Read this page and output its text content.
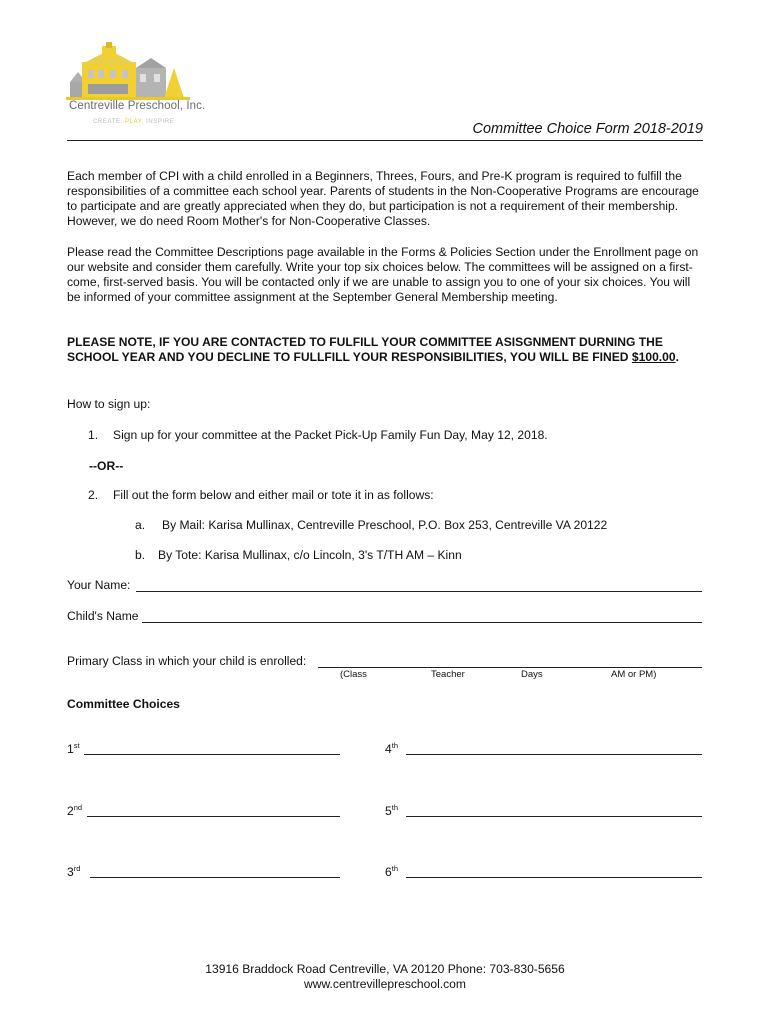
Centreville Preschool, Inc.
CREATE. PLAY. INSPIRE	Committee Choice Form 2018-2019

Each member of CPI with a child enrolled in a Beginners, Threes, Fours, and Pre-K program is required to fulfill the responsibilities of a committee each school year. Parents of students in the Non-Cooperative Programs are encourage to participate and are greatly appreciated when they do, but participation is not a requirement of their membership. However, we do need Room Mother's for Non-Cooperative Classes.

Please read the Committee Descriptions page available in the Forms & Policies Section under the Enrollment page on our website and consider them carefully. Write your top six choices below. The committees will be assigned on a first-come, first-served basis. You will be contacted only if we are unable to assign you to one of your six choices. You will be informed of your committee assignment at the September General Membership meeting.

PLEASE NOTE, IF YOU ARE CONTACTED TO FULFILL YOUR COMMITTEE ASISGNMENT DURNING THE SCHOOL YEAR AND YOU DECLINE TO FULLFILL YOUR RESPONSIBILITIES, YOU WILL BE FINED $100.00.

How to sign up:
1. Sign up for your committee at the Packet Pick-Up Family Fun Day, May 12, 2018.
--OR--
2. Fill out the form below and either mail or tote it in as follows:
a. By Mail: Karisa Mullinax, Centreville Preschool, P.O. Box 253, Centreville VA 20122
b. By Tote: Karisa Mullinax, c/o Lincoln, 3's T/TH AM – Kinn
Your Name:
Child's Name
Primary Class in which your child is enrolled:
(Class	Teacher	Days	AM or PM)
Committee Choices
1st
2nd
3rd
4th
5th
6th
13916 Braddock Road Centreville, VA 20120 Phone: 703-830-5656
www.centrevillepreschool.com
